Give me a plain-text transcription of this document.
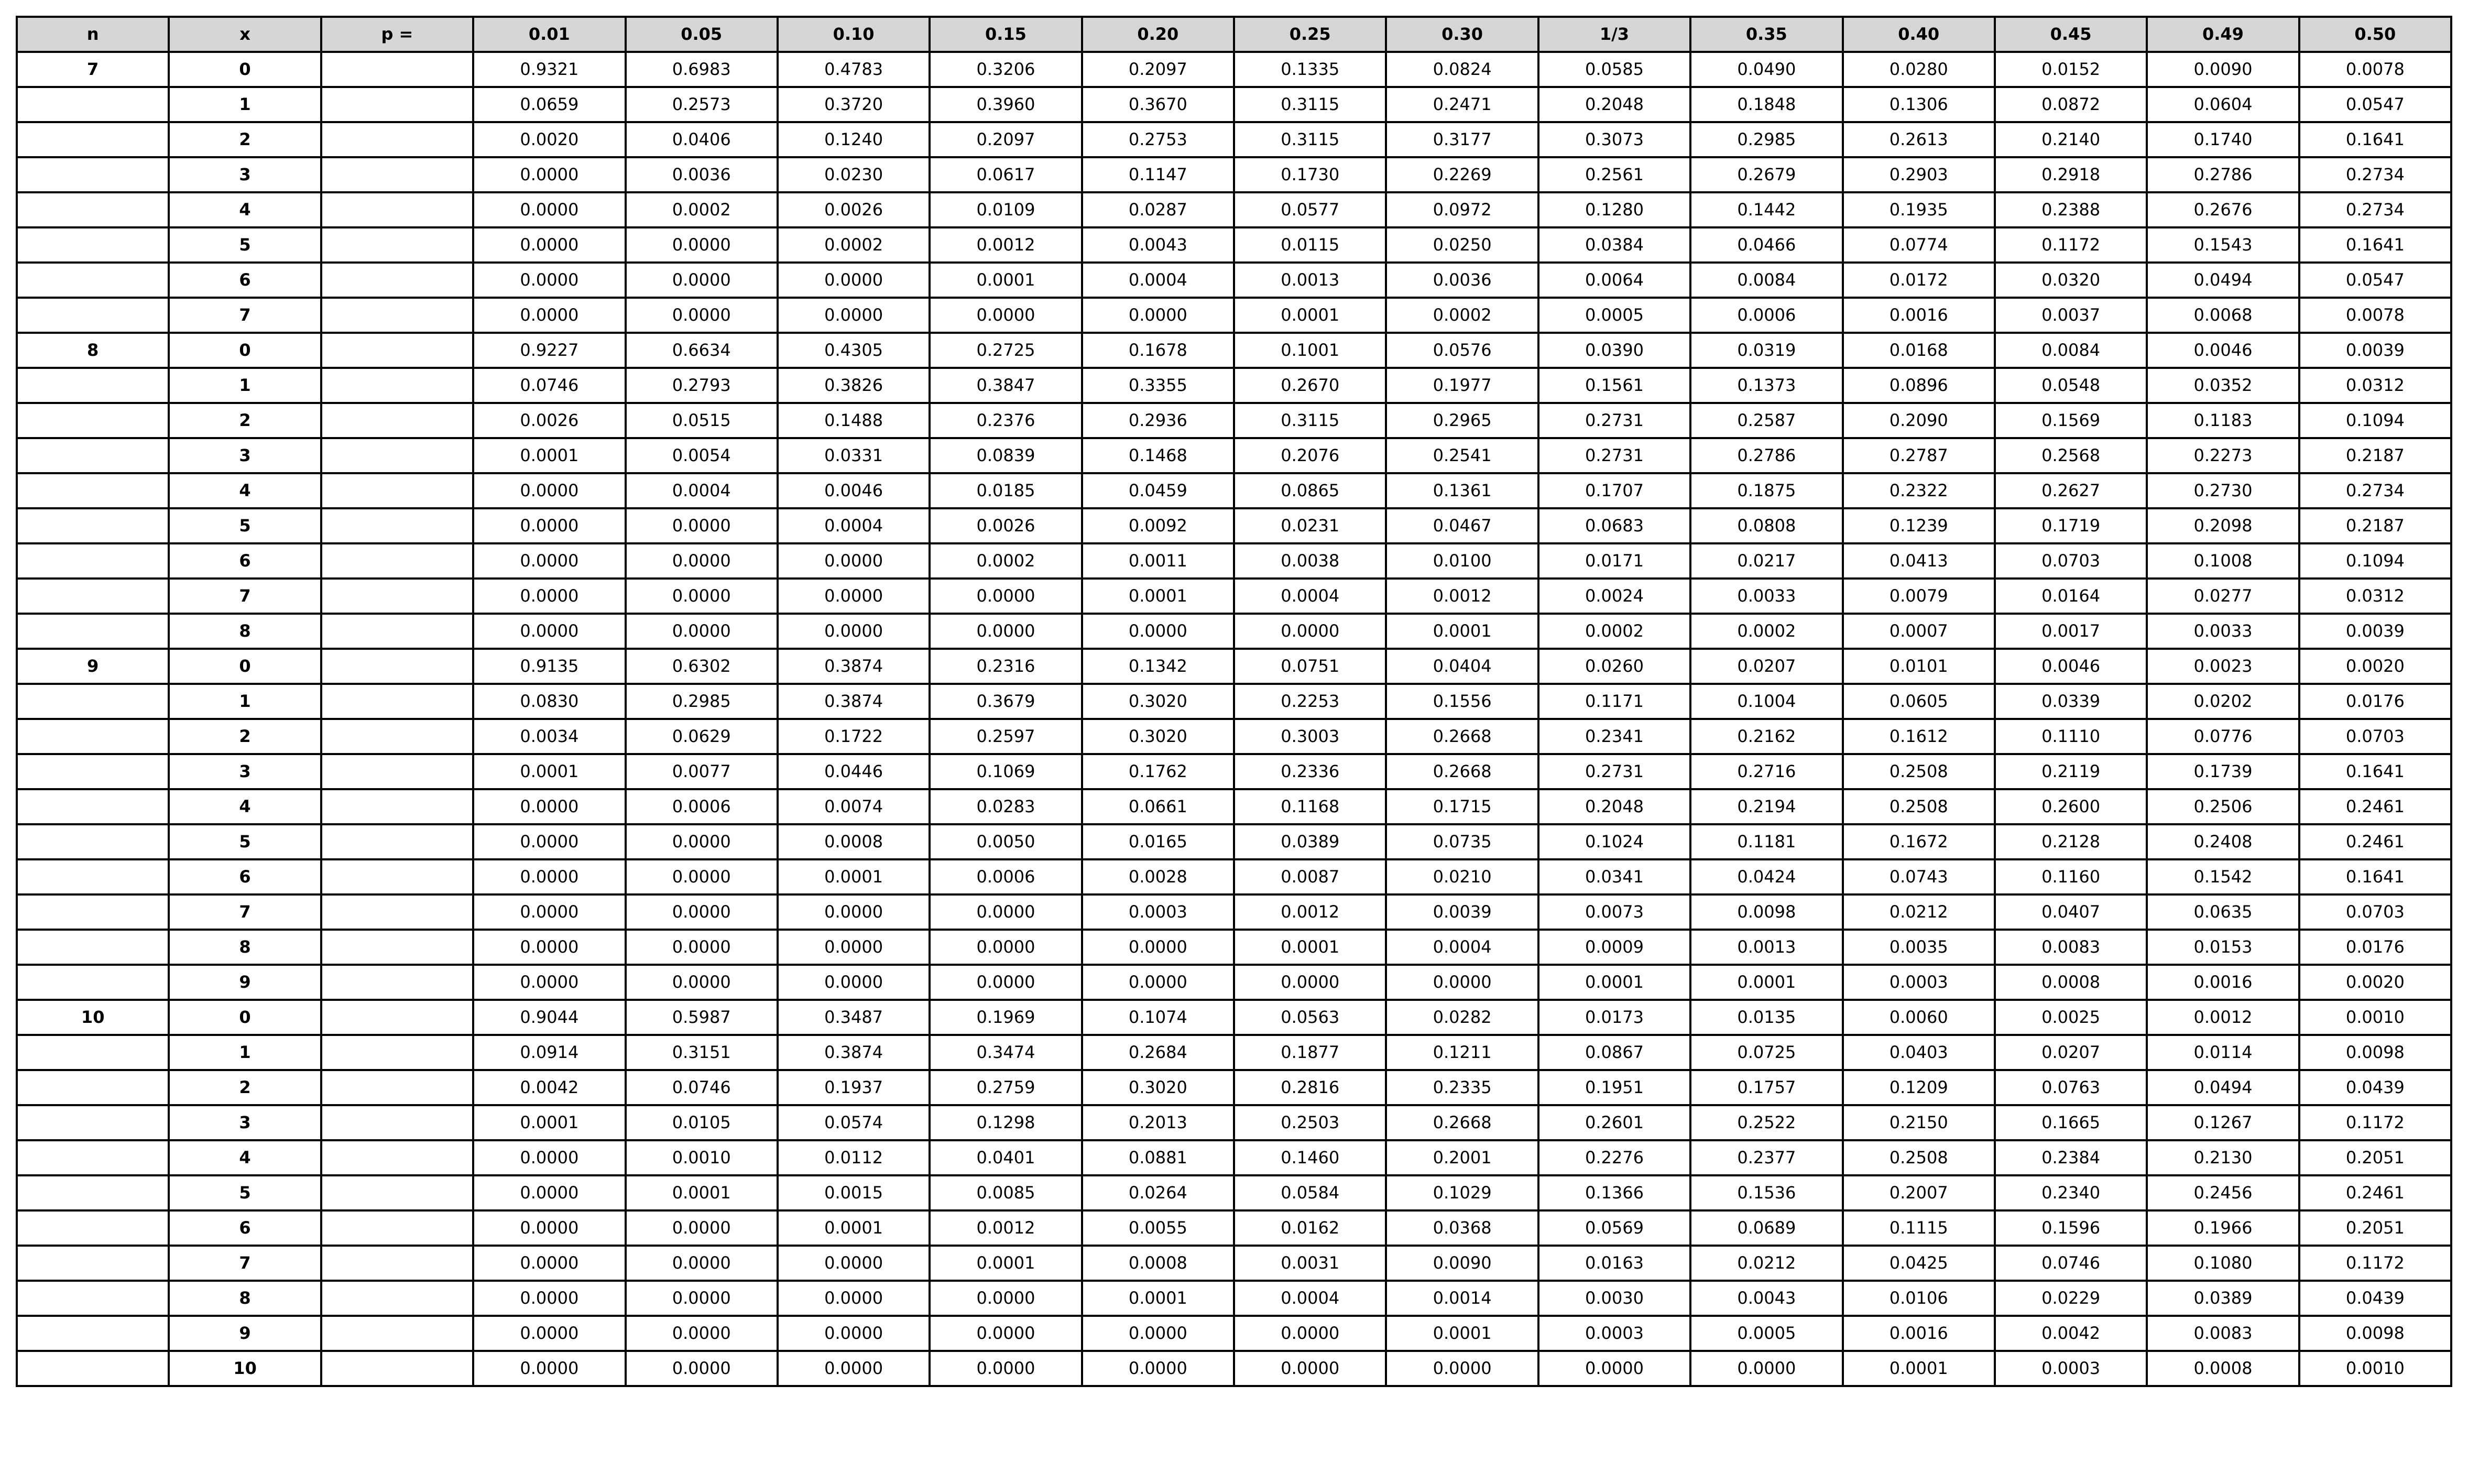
n	x	p =	0.01	0.05	0.10	0.15	0.20	0.25	0.30	1/3	0.35	0.40	0.45	0.49	0.50
7	0		0.9321	0.6983	0.4783	0.3206	0.2097	0.1335	0.0824	0.0585	0.0490	0.0280	0.0152	0.0090	0.0078
	1		0.0659	0.2573	0.3720	0.3960	0.3670	0.3115	0.2471	0.2048	0.1848	0.1306	0.0872	0.0604	0.0547
	2		0.0020	0.0406	0.1240	0.2097	0.2753	0.3115	0.3177	0.3073	0.2985	0.2613	0.2140	0.1740	0.1641
	3		0.0000	0.0036	0.0230	0.0617	0.1147	0.1730	0.2269	0.2561	0.2679	0.2903	0.2918	0.2786	0.2734
	4		0.0000	0.0002	0.0026	0.0109	0.0287	0.0577	0.0972	0.1280	0.1442	0.1935	0.2388	0.2676	0.2734
	5		0.0000	0.0000	0.0002	0.0012	0.0043	0.0115	0.0250	0.0384	0.0466	0.0774	0.1172	0.1543	0.1641
	6		0.0000	0.0000	0.0000	0.0001	0.0004	0.0013	0.0036	0.0064	0.0084	0.0172	0.0320	0.0494	0.0547
	7		0.0000	0.0000	0.0000	0.0000	0.0000	0.0001	0.0002	0.0005	0.0006	0.0016	0.0037	0.0068	0.0078
8	0		0.9227	0.6634	0.4305	0.2725	0.1678	0.1001	0.0576	0.0390	0.0319	0.0168	0.0084	0.0046	0.0039
	1		0.0746	0.2793	0.3826	0.3847	0.3355	0.2670	0.1977	0.1561	0.1373	0.0896	0.0548	0.0352	0.0312
	2		0.0026	0.0515	0.1488	0.2376	0.2936	0.3115	0.2965	0.2731	0.2587	0.2090	0.1569	0.1183	0.1094
	3		0.0001	0.0054	0.0331	0.0839	0.1468	0.2076	0.2541	0.2731	0.2786	0.2787	0.2568	0.2273	0.2187
	4		0.0000	0.0004	0.0046	0.0185	0.0459	0.0865	0.1361	0.1707	0.1875	0.2322	0.2627	0.2730	0.2734
	5		0.0000	0.0000	0.0004	0.0026	0.0092	0.0231	0.0467	0.0683	0.0808	0.1239	0.1719	0.2098	0.2187
	6		0.0000	0.0000	0.0000	0.0002	0.0011	0.0038	0.0100	0.0171	0.0217	0.0413	0.0703	0.1008	0.1094
	7		0.0000	0.0000	0.0000	0.0000	0.0001	0.0004	0.0012	0.0024	0.0033	0.0079	0.0164	0.0277	0.0312
	8		0.0000	0.0000	0.0000	0.0000	0.0000	0.0000	0.0001	0.0002	0.0002	0.0007	0.0017	0.0033	0.0039
9	0		0.9135	0.6302	0.3874	0.2316	0.1342	0.0751	0.0404	0.0260	0.0207	0.0101	0.0046	0.0023	0.0020
	1		0.0830	0.2985	0.3874	0.3679	0.3020	0.2253	0.1556	0.1171	0.1004	0.0605	0.0339	0.0202	0.0176
	2		0.0034	0.0629	0.1722	0.2597	0.3020	0.3003	0.2668	0.2341	0.2162	0.1612	0.1110	0.0776	0.0703
	3		0.0001	0.0077	0.0446	0.1069	0.1762	0.2336	0.2668	0.2731	0.2716	0.2508	0.2119	0.1739	0.1641
	4		0.0000	0.0006	0.0074	0.0283	0.0661	0.1168	0.1715	0.2048	0.2194	0.2508	0.2600	0.2506	0.2461
	5		0.0000	0.0000	0.0008	0.0050	0.0165	0.0389	0.0735	0.1024	0.1181	0.1672	0.2128	0.2408	0.2461
	6		0.0000	0.0000	0.0001	0.0006	0.0028	0.0087	0.0210	0.0341	0.0424	0.0743	0.1160	0.1542	0.1641
	7		0.0000	0.0000	0.0000	0.0000	0.0003	0.0012	0.0039	0.0073	0.0098	0.0212	0.0407	0.0635	0.0703
	8		0.0000	0.0000	0.0000	0.0000	0.0000	0.0001	0.0004	0.0009	0.0013	0.0035	0.0083	0.0153	0.0176
	9		0.0000	0.0000	0.0000	0.0000	0.0000	0.0000	0.0000	0.0001	0.0001	0.0003	0.0008	0.0016	0.0020
10	0		0.9044	0.5987	0.3487	0.1969	0.1074	0.0563	0.0282	0.0173	0.0135	0.0060	0.0025	0.0012	0.0010
	1		0.0914	0.3151	0.3874	0.3474	0.2684	0.1877	0.1211	0.0867	0.0725	0.0403	0.0207	0.0114	0.0098
	2		0.0042	0.0746	0.1937	0.2759	0.3020	0.2816	0.2335	0.1951	0.1757	0.1209	0.0763	0.0494	0.0439
	3		0.0001	0.0105	0.0574	0.1298	0.2013	0.2503	0.2668	0.2601	0.2522	0.2150	0.1665	0.1267	0.1172
	4		0.0000	0.0010	0.0112	0.0401	0.0881	0.1460	0.2001	0.2276	0.2377	0.2508	0.2384	0.2130	0.2051
	5		0.0000	0.0001	0.0015	0.0085	0.0264	0.0584	0.1029	0.1366	0.1536	0.2007	0.2340	0.2456	0.2461
	6		0.0000	0.0000	0.0001	0.0012	0.0055	0.0162	0.0368	0.0569	0.0689	0.1115	0.1596	0.1966	0.2051
	7		0.0000	0.0000	0.0000	0.0001	0.0008	0.0031	0.0090	0.0163	0.0212	0.0425	0.0746	0.1080	0.1172
	8		0.0000	0.0000	0.0000	0.0000	0.0001	0.0004	0.0014	0.0030	0.0043	0.0106	0.0229	0.0389	0.0439
	9		0.0000	0.0000	0.0000	0.0000	0.0000	0.0000	0.0001	0.0003	0.0005	0.0016	0.0042	0.0083	0.0098
	10		0.0000	0.0000	0.0000	0.0000	0.0000	0.0000	0.0000	0.0000	0.0000	0.0001	0.0003	0.0008	0.0010
